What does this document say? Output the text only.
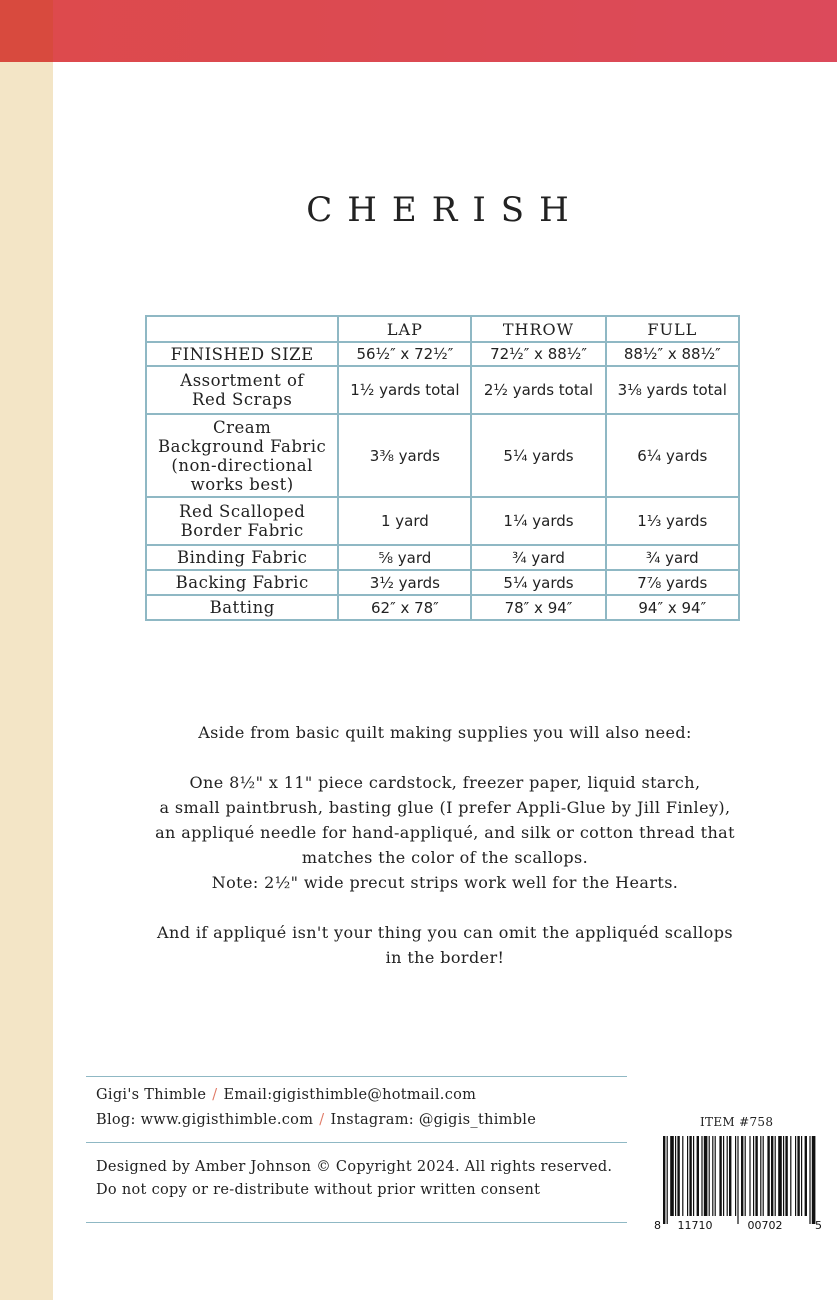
CHERISH
	LAP	THROW	FULL
FINISHED SIZE	56½″ x 72½″	72½″ x 88½″	88½″ x 88½″

Assortment of
Red Scraps	1½ yards total	2½ yards total	3⅛ yards total

Cream
Background Fabric
(non-directional
works best)	3⅜ yards	5¼ yards	6¼ yards

Red Scalloped
Border Fabric	1 yard	1¼ yards	1⅓ yards
Binding Fabric	⅝ yard	¾ yard	¾ yard
Backing Fabric	3½ yards	5¼ yards	7⅞ yards
Batting	62″ x 78″	78″ x 94″	94″ x 94″

Aside from basic quilt making supplies you will also need:

One 8½" x 11" piece cardstock, freezer paper, liquid starch,

a small paintbrush, basting glue (I prefer Appli-Glue by Jill Finley),

an appliqué needle for hand-appliqué, and silk or cotton thread that

matches the color of the scallops.

Note: 2½" wide precut strips work well for the Hearts.

And if appliqué isn't your thing you can omit the appliquéd scallops

in the border!

Gigi's Thimble / Email:gigisthimble@hotmail.com
Blog: www.gigisthimble.com / Instagram: @gigis_thimble
Designed by Amber Johnson © Copyright 2024. All rights reserved.
Do not copy or re-distribute without prior written consent
ITEM #758
8 11710	00702	5
